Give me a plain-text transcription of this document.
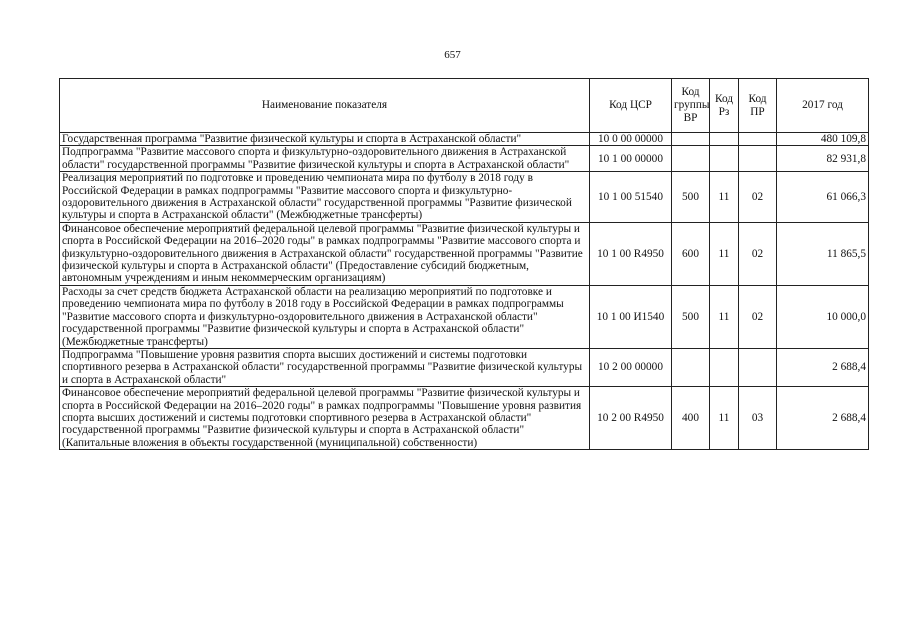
657
Наименование показателя	Код ЦСР	Код группы ВР	Код Рз	Код ПР	2017 год
Государственная программа "Развитие физической культуры и спорта в Астраханской области"	10 0 00 00000				480 109,8
Подпрограмма "Развитие массового спорта и физкультурно-оздоровительного движения в Астраханской области" государственной программы "Развитие физической культуры и спорта в Астраханской области"	10 1 00 00000				82 931,8
Реализация мероприятий по подготовке и проведению чемпионата мира по футболу в 2018 году в Российской Федерации в рамках подпрограммы "Развитие массового спорта и физкультурно-оздоровительного движения в Астраханской области" государственной программы "Развитие физической культуры и спорта в Астраханской области" (Межбюджетные трансферты)	10 1 00 51540	500	11	02	61 066,3
Финансовое обеспечение мероприятий федеральной целевой программы "Развитие физической культуры и спорта в Российской Федерации на 2016–2020 годы" в рамках подпрограммы "Развитие массового спорта и физкультурно-оздоровительного движения в Астраханской области" государственной программы "Развитие физической культуры и спорта в Астраханской области" (Предоставление субсидий бюджетным, автономным учреждениям и иным некоммерческим организациям)	10 1 00 R4950	600	11	02	11 865,5
Расходы за счет средств бюджета Астраханской области на реализацию мероприятий по подготовке и проведению чемпионата мира по футболу в 2018 году в Российской Федерации в рамках подпрограммы "Развитие массового спорта и физкультурно-оздоровительного движения в Астраханской области" государственной программы "Развитие физической культуры и спорта в Астраханской области" (Межбюджетные трансферты)	10 1 00 И1540	500	11	02	10 000,0
Подпрограмма "Повышение уровня развития спорта высших достижений и системы подготовки спортивного резерва в Астраханской области" государственной программы "Развитие физической культуры и спорта в Астраханской области"	10 2 00 00000				2 688,4
Финансовое обеспечение мероприятий федеральной целевой программы "Развитие физической культуры и спорта в Российской Федерации на 2016–2020 годы" в рамках подпрограммы "Повышение уровня развития спорта высших достижений и системы подготовки спортивного резерва в Астраханской области" государственной программы "Развитие физической культуры и спорта в Астраханской области" (Капитальные вложения в объекты государственной (муниципальной) собственности)	10 2 00 R4950	400	11	03	2 688,4
